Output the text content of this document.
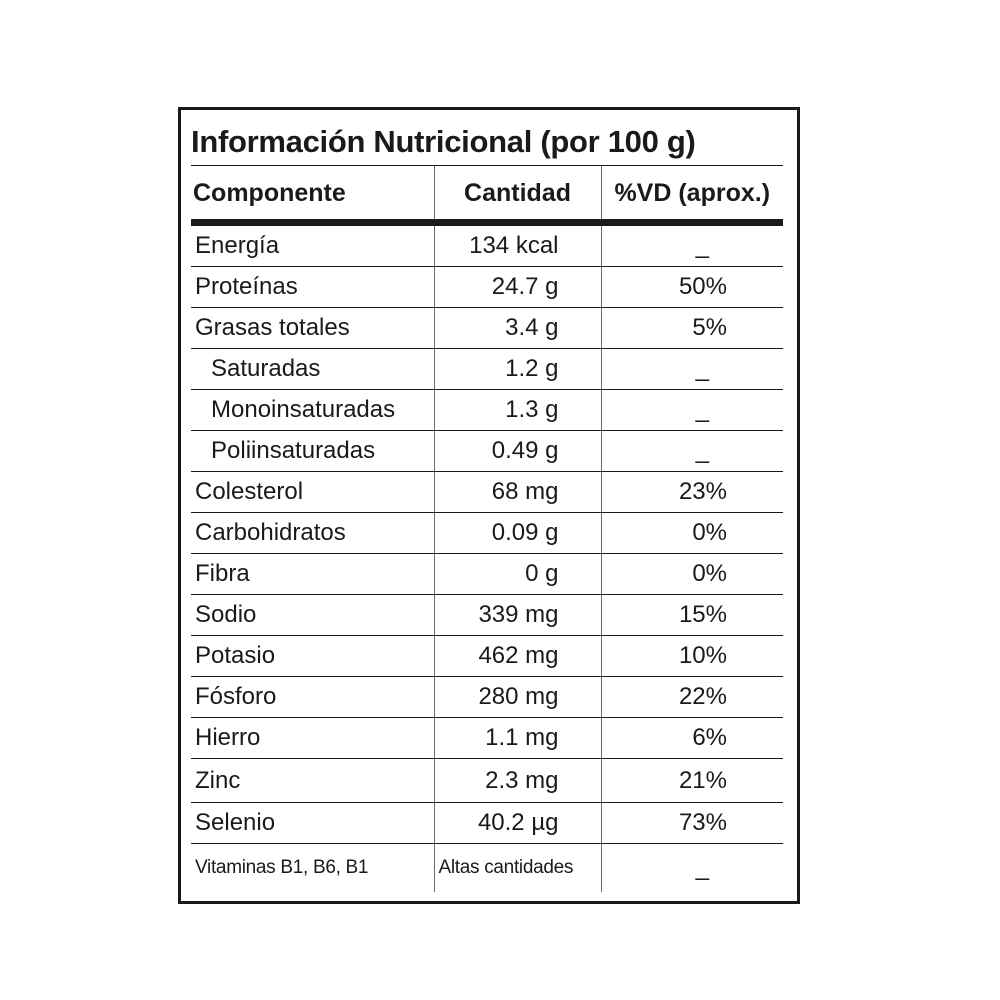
Información Nutricional (por 100 g)
Componente	Cantidad	%VD (aprox.)
Energía	134 kcal	_
Proteínas	24.7 g	50%
Grasas totales	3.4 g	5%
Saturadas	1.2 g	_
Monoinsaturadas	1.3 g	_
Poliinsaturadas	0.49 g	_
Colesterol	68 mg	23%
Carbohidratos	0.09 g	0%
Fibra	0 g	0%
Sodio	339 mg	15%
Potasio	462 mg	10%
Fósforo	280 mg	22%
Hierro	1.1 mg	6%
Zinc	2.3 mg	21%
Selenio	40.2 µg	73%
Vitaminas B1, B6, B1	Altas cantidades	_
